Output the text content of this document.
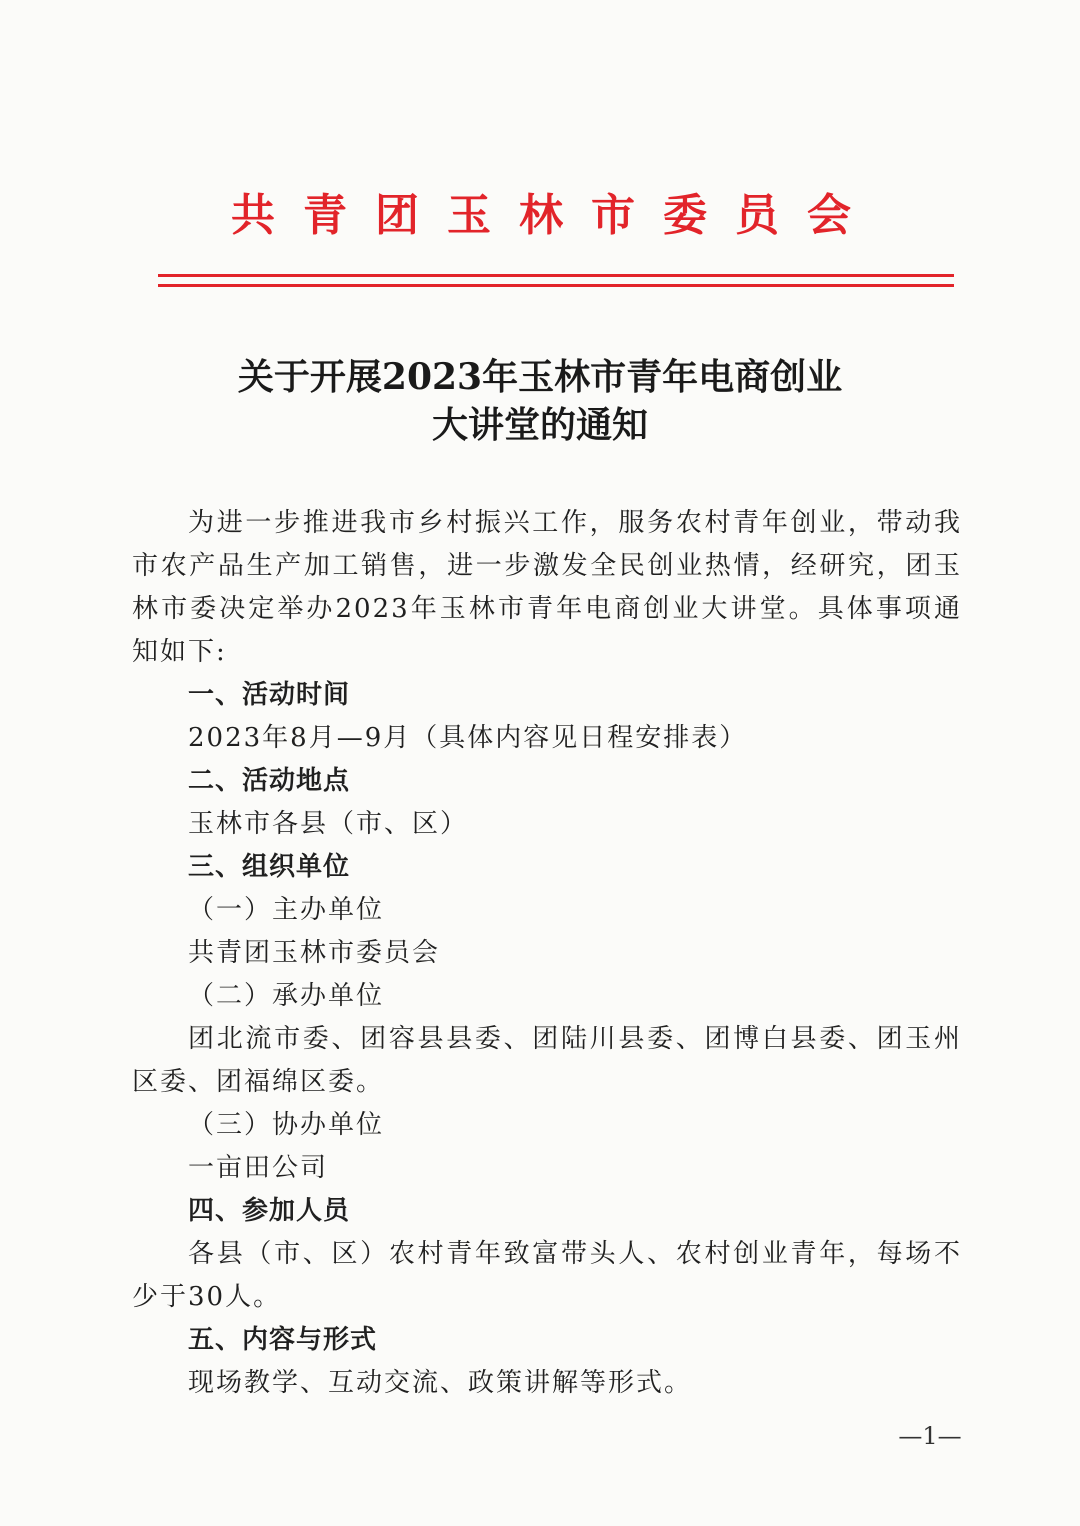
共青团玉林市委员会
关于开展2023年玉林市青年电商创业
大讲堂的通知

为进一步推进我市乡村振兴工作，服务农村青年创业，带动我市农产品生产加工销售，进一步激发全民创业热情，经研究，团玉林市委决定举办2023年玉林市青年电商创业大讲堂。具体事项通知如下:

一、活动时间

2023年8月—9月（具体内容见日程安排表）

二、活动地点

玉林市各县（市、区）

三、组织单位

（一）主办单位

共青团玉林市委员会

（二）承办单位

团北流市委、团容县县委、团陆川县委、团博白县委、团玉州区委、团福绵区委。

（三）协办单位

一亩田公司

四、参加人员

各县（市、区）农村青年致富带头人、农村创业青年，每场不少于30人。

五、内容与形式

现场教学、互动交流、政策讲解等形式。

—1—
